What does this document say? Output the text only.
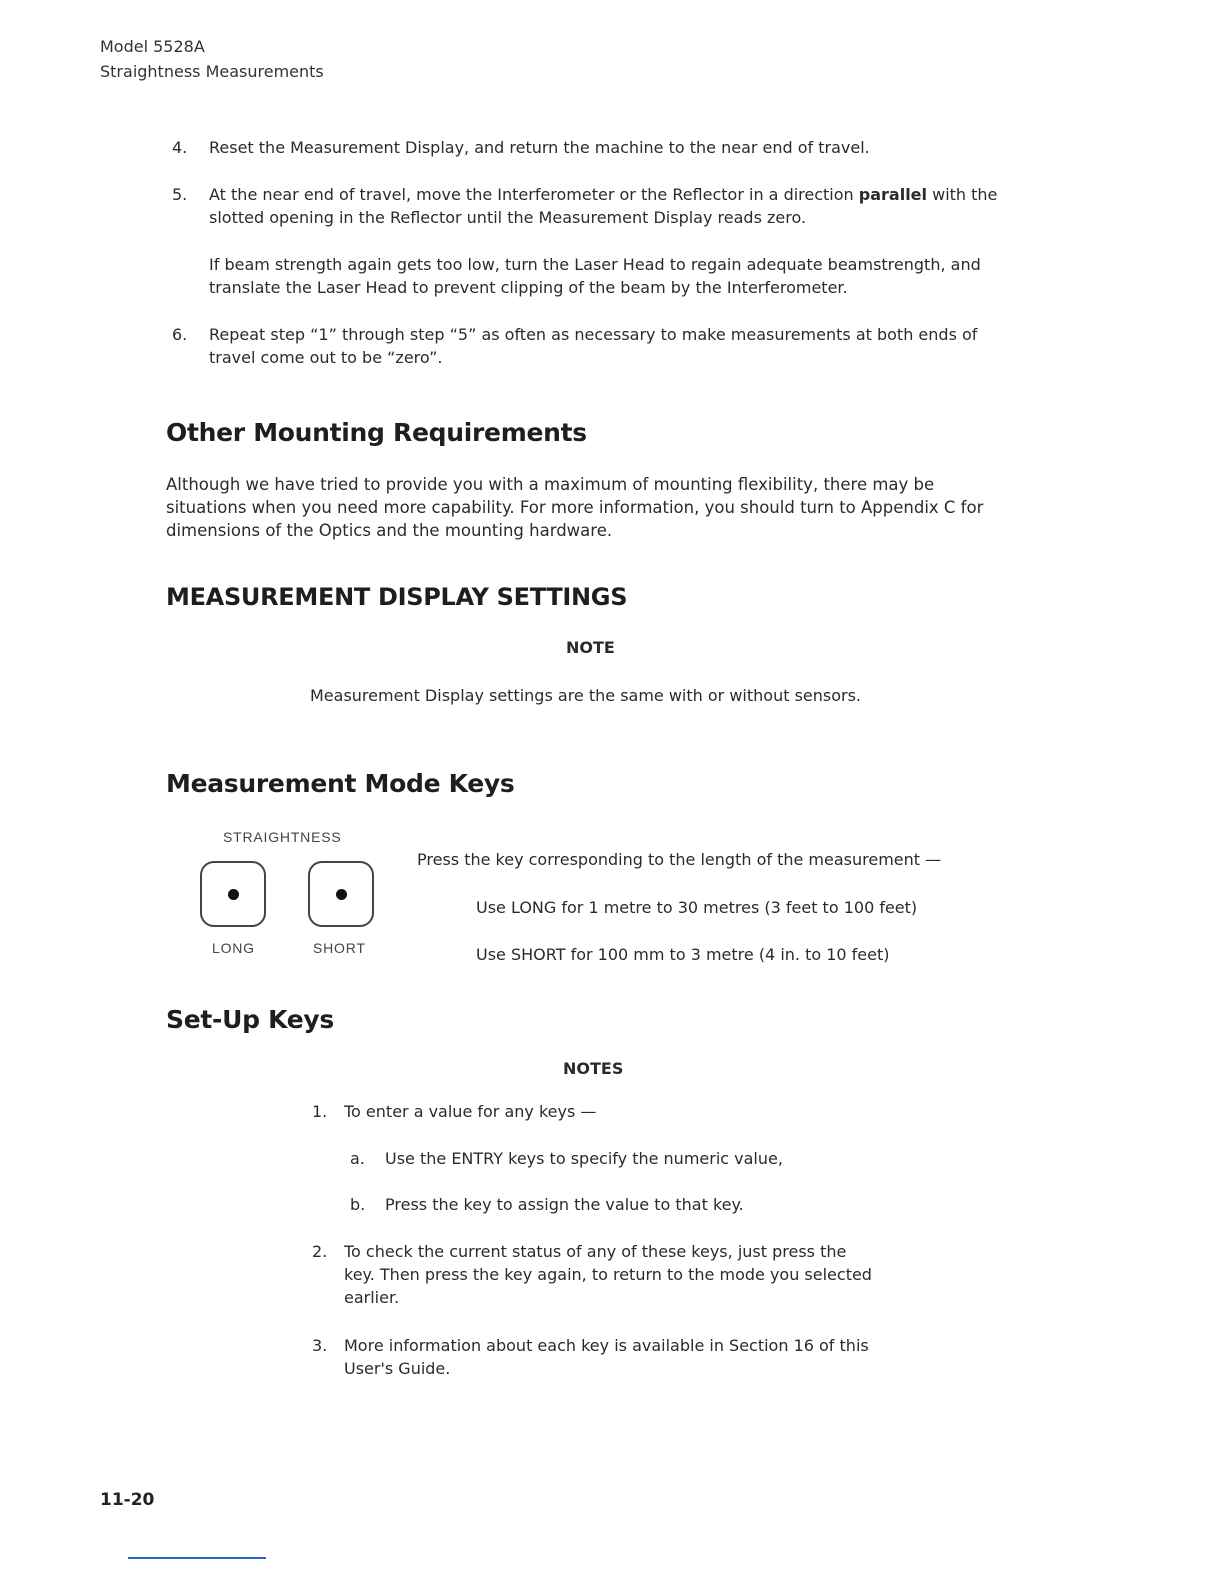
Model 5528A
Straightness Measurements
4. Reset the Measurement Display, and return the machine to the near end of travel.
5. At the near end of travel, move the Interferometer or the Reflector in a direction parallel with the slotted opening in the Reflector until the Measurement Display reads zero.
If beam strength again gets too low, turn the Laser Head to regain adequate beamstrength, and translate the Laser Head to prevent clipping of the beam by the Interferometer.
6. Repeat step “1” through step “5” as often as necessary to make measurements at both ends of travel come out to be “zero”.
Other Mounting Requirements
Although we have tried to provide you with a maximum of mounting flexibility, there may be situations when you need more capability. For more information, you should turn to Appendix C for dimensions of the Optics and the mounting hardware.
MEASUREMENT DISPLAY SETTINGS
NOTE
Measurement Display settings are the same with or without sensors.
Measurement Mode Keys
STRAIGHTNESS
LONG	SHORT
Press the key corresponding to the length of the measurement —
Use LONG for 1 metre to 30 metres (3 feet to 100 feet)
Use SHORT for 100 mm to 3 metre (4 in. to 10 feet)
Set-Up Keys
NOTES
1. To enter a value for any keys —
a. Use the ENTRY keys to specify the numeric value,
b. Press the key to assign the value to that key.
2. To check the current status of any of these keys, just press the key. Then press the key again, to return to the mode you selected earlier.
3. More information about each key is available in Section 16 of this User's Guide.
11-20
